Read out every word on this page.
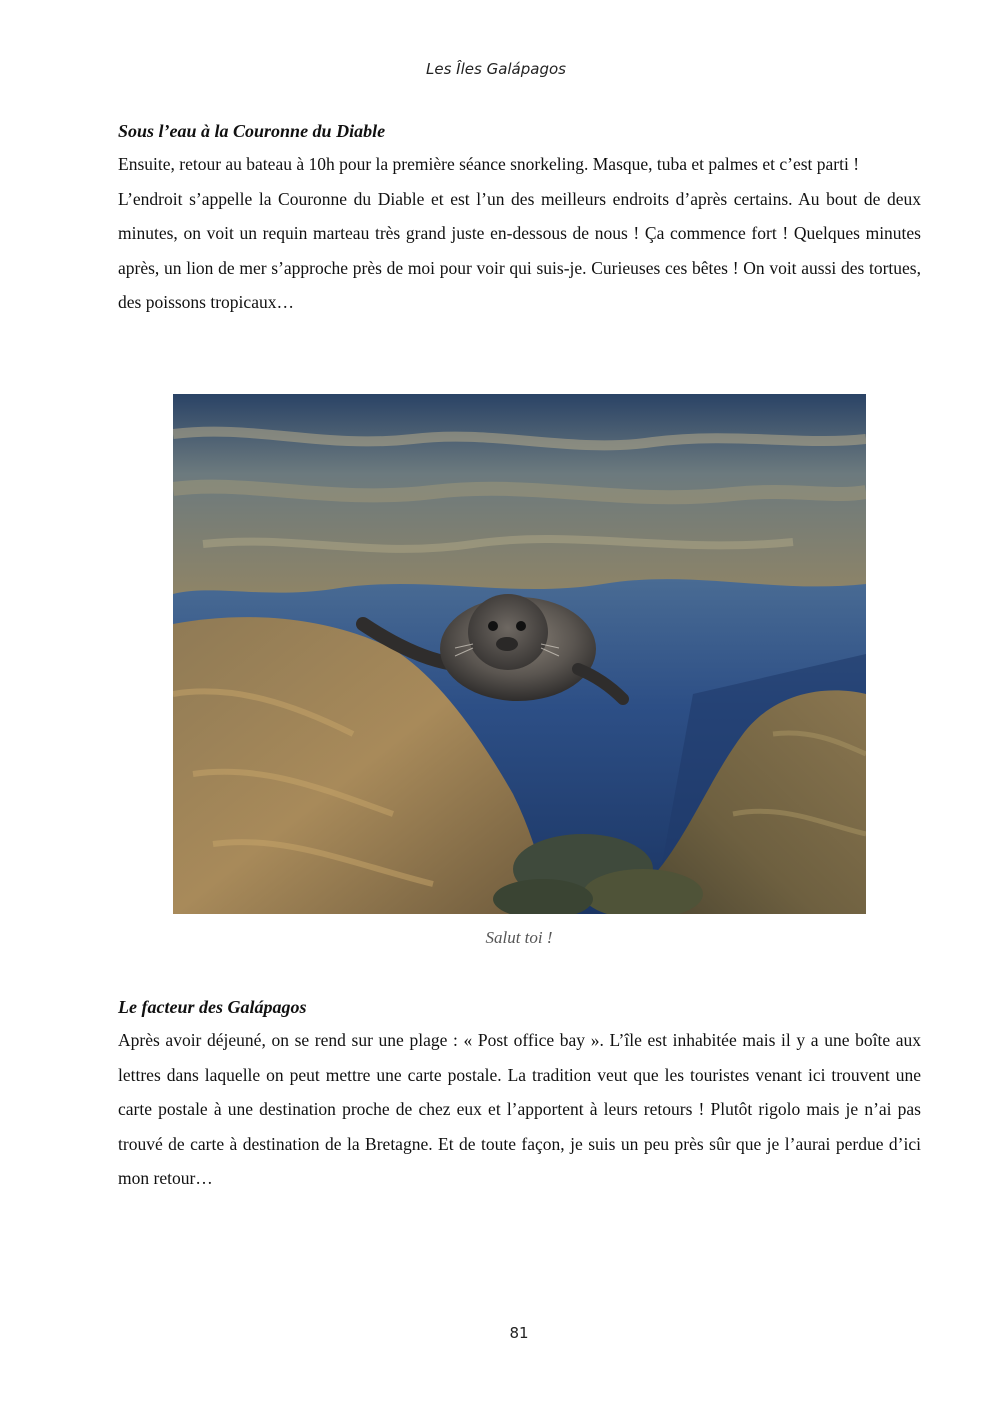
Les Îles Galápagos
Sous l’eau à la Couronne du Diable

Ensuite, retour au bateau à 10h pour la première séance snorkeling. Masque, tuba et palmes et c’est parti !

L’endroit s’appelle la Couronne du Diable et est l’un des meilleurs endroits d’après certains. Au bout de deux minutes, on voit un requin marteau très grand juste en-dessous de nous ! Ça commence fort ! Quelques minutes après, un lion de mer s’approche près de moi pour voir qui suis-je. Curieuses ces bêtes ! On voit aussi des tortues, des poissons tropicaux…

Salut toi !
Le facteur des Galápagos

Après avoir déjeuné, on se rend sur une plage : « Post office bay ». L’île est inhabitée mais il y a une boîte aux lettres dans laquelle on peut mettre une carte postale. La tradition veut que les touristes venant ici trouvent une carte postale à une destination proche de chez eux et l’apportent à leurs retours ! Plutôt rigolo mais je n’ai pas trouvé de carte à destination de la Bretagne. Et de toute façon, je suis un peu près sûr que je l’aurai perdue d’ici mon retour…

81
